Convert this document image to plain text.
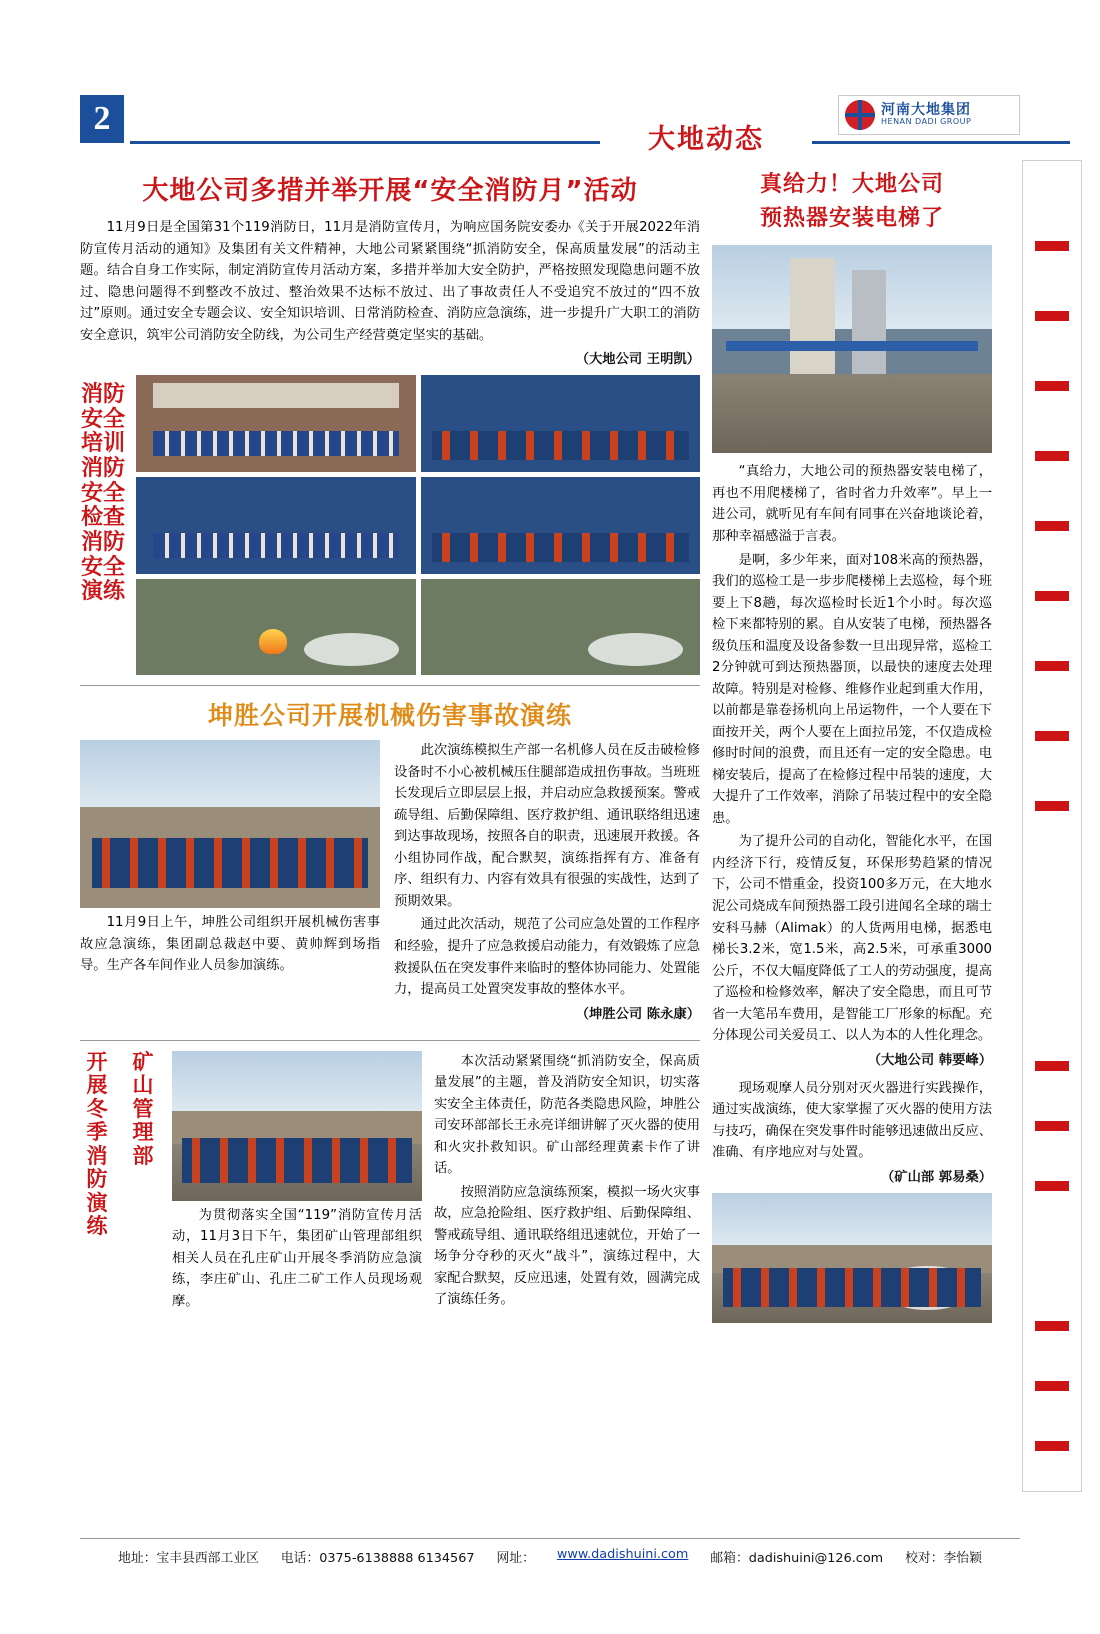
2
大地动态
河南大地集团
HENAN DADI GROUP
大地公司多措并举开展“安全消防月”活动

11月9日是全国第31个119消防日，11月是消防宣传月，为响应国务院安委办《关于开展2022年消防宣传月活动的通知》及集团有关文件精神，大地公司紧紧围绕“抓消防安全，保高质量发展”的活动主题。结合自身工作实际，制定消防宣传月活动方案，多措并举加大安全防护，严格按照发现隐患问题不放过、隐患问题得不到整改不放过、整治效果不达标不放过、出了事故责任人不受追究不放过的“四不放过”原则。通过安全专题会议、安全知识培训、日常消防检查、消防应急演练，进一步提升广大职工的消防安全意识，筑牢公司消防安全防线，为公司生产经营奠定坚实的基础。

（大地公司 王明凯）
消防安全培训 消防安全检查 消防安全演练
坤胜公司开展机械伤害事故演练

11月9日上午，坤胜公司组织开展机械伤害事故应急演练，集团副总裁赵中要、黄帅辉到场指导。生产各车间作业人员参加演练。

此次演练模拟生产部一名机修人员在反击破检修设备时不小心被机械压住腿部造成扭伤事故。当班班长发现后立即层层上报，并启动应急救援预案。警戒疏导组、后勤保障组、医疗救护组、通讯联络组迅速到达事故现场，按照各自的职责，迅速展开救援。各小组协同作战，配合默契，演练指挥有方、准备有序、组织有力、内容有效具有很强的实战性，达到了预期效果。

通过此次活动，规范了公司应急处置的工作程序和经验，提升了应急救援启动能力，有效锻炼了应急救援队伍在突发事件来临时的整体协同能力、处置能力，提高员工处置突发事故的整体水平。

（坤胜公司 陈永康）
开展冬季消防演练
矿山管理部

为贯彻落实全国“119”消防宣传月活动，11月3日下午，集团矿山管理部组织相关人员在孔庄矿山开展冬季消防应急演练，李庄矿山、孔庄二矿工作人员现场观摩。

本次活动紧紧围绕“抓消防安全，保高质量发展”的主题，普及消防安全知识，切实落实安全主体责任，防范各类隐患风险，坤胜公司安环部部长王永亮详细讲解了灭火器的使用和火灾扑救知识。矿山部经理黄素卡作了讲话。

按照消防应急演练预案，模拟一场火灾事故，应急抢险组、医疗救护组、后勤保障组、警戒疏导组、通讯联络组迅速就位，开始了一场争分夺秒的灭火“战斗”，演练过程中，大家配合默契，反应迅速，处置有效，圆满完成了演练任务。

真给力！大地公司
预热器安装电梯了

“真给力，大地公司的预热器安装电梯了，再也不用爬楼梯了，省时省力升效率”。早上一进公司，就听见有车间有同事在兴奋地谈论着，那种幸福感溢于言表。

是啊，多少年来，面对108米高的预热器，我们的巡检工是一步步爬楼梯上去巡检，每个班要上下8趟，每次巡检时长近1个小时。每次巡检下来都特别的累。自从安装了电梯，预热器各级负压和温度及设备参数一旦出现异常，巡检工2分钟就可到达预热器顶，以最快的速度去处理故障。特别是对检修、维修作业起到重大作用，以前都是靠卷扬机向上吊运物件，一个人要在下面按开关，两个人要在上面拉吊笼，不仅造成检修时时间的浪费，而且还有一定的安全隐患。电梯安装后，提高了在检修过程中吊装的速度，大大提升了工作效率，消除了吊装过程中的安全隐患。

为了提升公司的自动化，智能化水平，在国内经济下行，疫情反复，环保形势趋紧的情况下，公司不惜重金，投资100多万元，在大地水泥公司烧成车间预热器工段引进闻名全球的瑞士安科马赫（Alimak）的人货两用电梯，据悉电梯长3.2米，宽1.5米，高2.5米，可承重3000公斤，不仅大幅度降低了工人的劳动强度，提高了巡检和检修效率，解决了安全隐患，而且可节省一大笔吊车费用，是智能工厂形象的标配。充分体现公司关爱员工、以人为本的人性化理念。

（大地公司 韩要峰）

现场观摩人员分别对灭火器进行实践操作，通过实战演练，使大家掌握了灭火器的使用方法与技巧，确保在突发事件时能够迅速做出反应、准确、有序地应对与处置。

（矿山部 郭易桑）
地址：宝丰县西部工业区 电话：0375-6138888 6134567 网址： www.dadishuini.com 邮箱：dadishuini@126.com 校对：李怡颖
